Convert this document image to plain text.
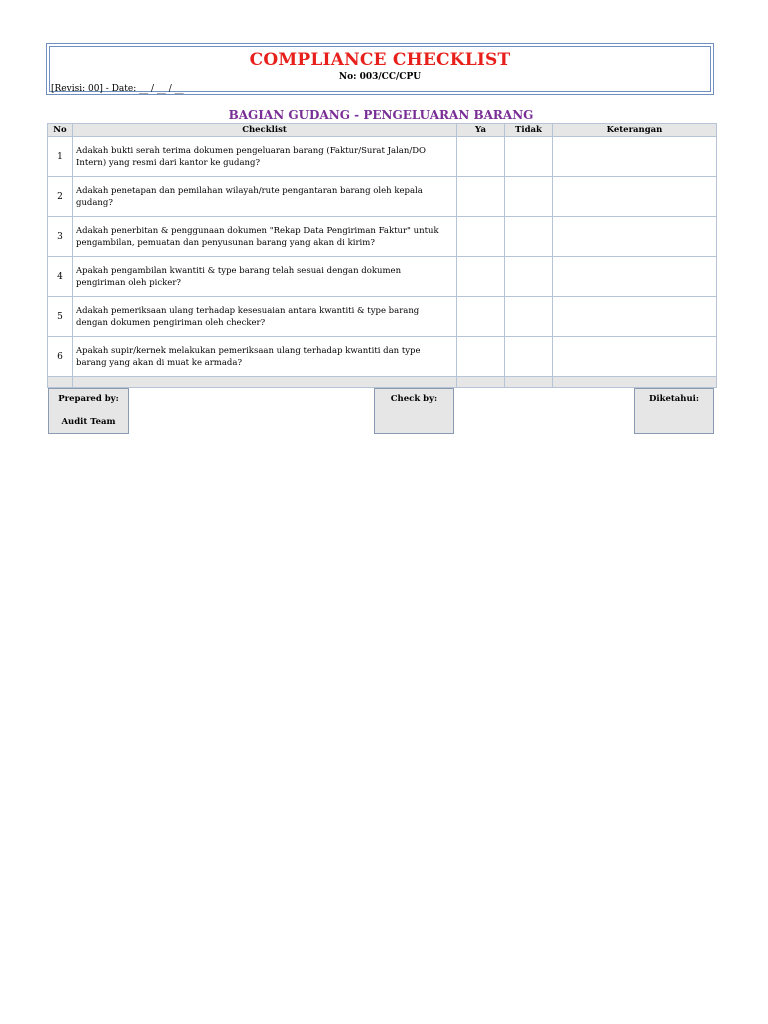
COMPLIANCE CHECKLIST
No: 003/CC/CPU
[Revisi: 00] - Date: __ / __ / __
BAGIAN GUDANG - PENGELUARAN BARANG
No	Checklist	Ya	Tidak	Keterangan
1	Adakah bukti serah terima dokumen pengeluaran barang (Faktur/Surat Jalan/DO Intern) yang resmi dari kantor ke gudang?			
2	Adakah penetapan dan pemilahan wilayah/rute pengantaran barang oleh kepala gudang?			
3	Adakah penerbitan & penggunaan dokumen "Rekap Data Pengiriman Faktur" untuk pengambilan, pemuatan dan penyusunan barang yang akan di kirim?			
4	Apakah pengambilan kwantiti & type barang telah sesuai dengan dokumen pengiriman oleh picker?			
5	Adakah pemeriksaan ulang terhadap kesesuaian antara kwantiti & type barang dengan dokumen pengiriman oleh checker?			
6	Apakah supir/kernek melakukan pemeriksaan ulang terhadap kwantiti dan type barang yang akan di muat ke armada?			

Prepared by:
Audit Team
Check by:	Diketahui:
